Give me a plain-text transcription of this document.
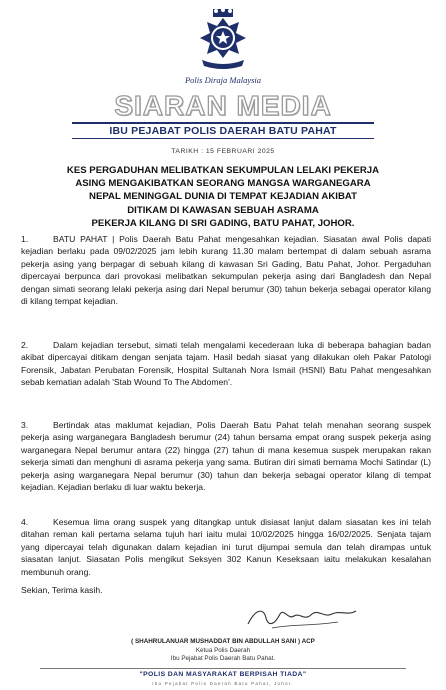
Polis Diraja Malaysia
SIARAN MEDIA
IBU PEJABAT POLIS DAERAH BATU PAHAT
TARIKH : 15 FEBRUARI 2025
KES PERGADUHAN MELIBATKAN SEKUMPULAN LELAKI PEKERJA
ASING MENGAKIBATKAN SEORANG MANGSA WARGANEGARA
NEPAL MENINGGAL DUNIA DI TEMPAT KEJADIAN AKIBAT
DITIKAM DI KAWASAN SEBUAH ASRAMA
PEKERJA KILANG DI SRI GADING, BATU PAHAT, JOHOR.
1.	BATU PAHAT | Polis Daerah Batu Pahat mengesahkan kejadian. Siasatan awal Polis dapati kejadian berlaku pada 09/02/2025 jam lebih kurang 11.30 malam bertempat di dalam sebuah asrama pekerja asing yang berpagar di sebuah kilang di kawasan Sri Gading, Batu Pahat, Johor. Pergaduhan dipercayai berpunca dari provokasi melibatkan sekumpulan pekerja asing dari Bangladesh dan Nepal dengan simati seorang lelaki pekerja asing dari Nepal berumur (30) tahun bekerja sebagai operator kilang di kilang tempat kejadian.
2.	Dalam kejadian tersebut, simati telah mengalami kecederaan luka di beberapa bahagian badan akibat dipercayai ditikam dengan senjata tajam. Hasil bedah siasat yang dilakukan oleh Pakar Patologi Forensik, Jabatan Perubatan Forensik, Hospital Sultanah Nora Ismail (HSNI) Batu Pahat mengesahkan sebab kematian adalah 'Stab Wound To The Abdomen'.
3.	Bertindak atas maklumat kejadian, Polis Daerah Batu Pahat telah menahan seorang suspek pekerja asing warganegara Bangladesh berumur (24) tahun bersama empat orang suspek pekerja asing warganegara Nepal berumur antara (22) hingga (27) tahun di mana kesemua suspek merupakan rakan sekerja simati dan menghuni di asrama pekerja yang sama. Butiran diri simati bernama Mochi Satindar (L) pekerja asing warganegara Nepal berumur (30) tahun dan bekerja sebagai operator kilang di tempat kejadian. Kejadian berlaku di luar waktu bekerja.
4.	Kesemua lima orang suspek yang ditangkap untuk disiasat lanjut dalam siasatan kes ini telah ditahan reman kali pertama selama tujuh hari iaitu mulai 10/02/2025 hingga 16/02/2025. Senjata tajam yang dipercayai telah digunakan dalam kejadian ini turut dijumpai semula dan telah dirampas untuk siasatan lanjut. Siasatan Polis mengikut Seksyen 302 Kanun Keseksaan iaitu melakukan kesalahan membunuh orang.
Sekian, Terima kasih.
( SHAHRULANUAR MUSHADDAT BIN ABDULLAH SANI ) ACP
Ketua Polis Daerah
Ibu Pejabat Polis Daerah Batu Pahat.
"POLIS DAN MASYARAKAT BERPISAH TIADA"
Ibu Pejabat Polis Daerah Batu Pahat, Johor.
